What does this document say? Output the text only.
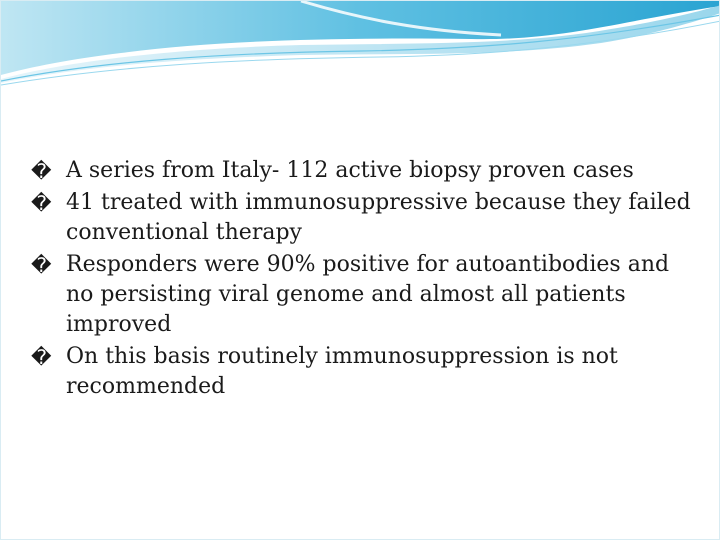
� A series from Italy- 112 active biopsy proven cases
� 41 treated with immunosuppressive because they failed conventional therapy
� Responders were 90% positive for autoantibodies and no persisting viral genome and almost all patients improved
� On this basis routinely immunosuppression is not recommended
